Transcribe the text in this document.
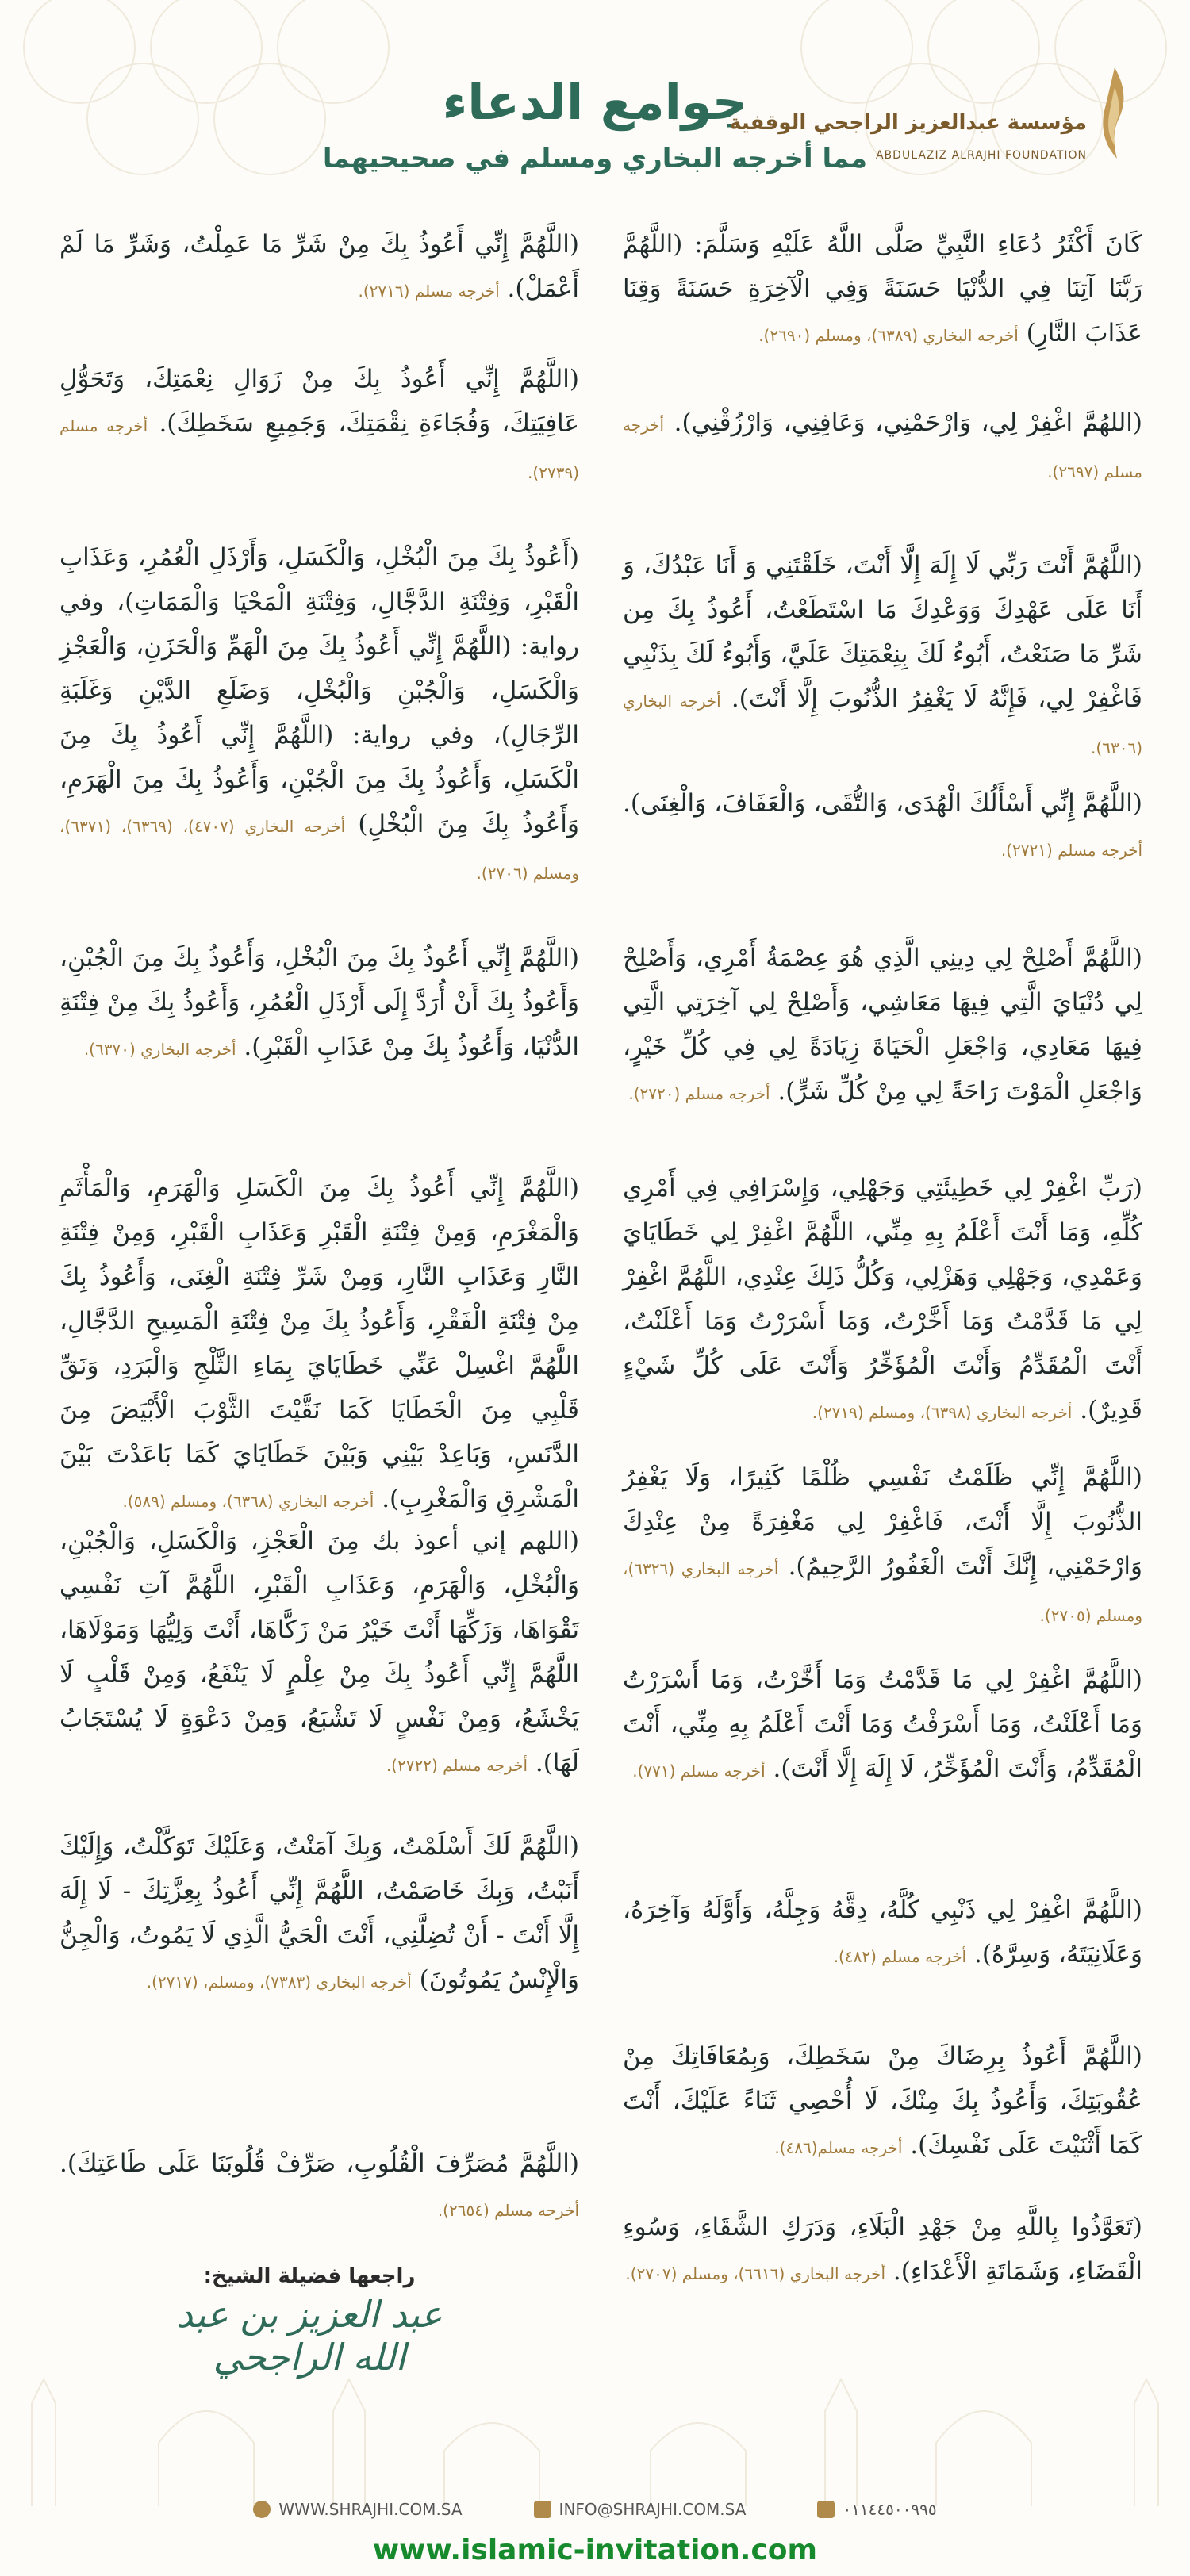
مؤسسة عبدالعزيز الراجحي الوقفية
ABDULAZIZ ALRAJHI FOUNDATION
جوامع الدعاء
مما أخرجه البخاري ومسلم في صحيحيهما
كَانَ أَكْثَرُ دُعَاءِ النَّبِيِّ صَلَّى اللَّهُ عَلَيْهِ وَسَلَّمَ: (اللَّهُمَّ رَبَّنَا آتِنَا فِي الدُّنْيَا حَسَنَةً وَفِي الْآخِرَةِ حَسَنَةً وَقِنَا عَذَابَ النَّارِ) أخرجه البخاري (٦٣٨٩)، ومسلم (٢٦٩٠).
(اللهُمَّ اغْفِرْ لِي، وَارْحَمْنِي، وَعَافِنِي، وَارْزُقْنِي). أخرجه مسلم (٢٦٩٧).
(اللَّهُمَّ أَنْتَ رَبِّي لَا إِلَهَ إِلَّا أَنْتَ، خَلَقْتَنِي وَ أَنَا عَبْدُكَ، وَ أَنَا عَلَى عَهْدِكَ وَوَعْدِكَ مَا اسْتَطَعْتُ، أَعُوذُ بِكَ مِن شَرِّ مَا صَنَعْتُ، أَبُوءُ لَكَ بِنِعْمَتِكَ عَلَيَّ، وَأَبُوءُ لَكَ بِذَنْبِي فَاغْفِرْ لِي، فَإِنَّهُ لَا يَغْفِرُ الذُّنُوبَ إِلَّا أَنْتَ). أخرجه البخاري (٦٣٠٦).
(اللَّهُمَّ إِنِّي أَسْأَلُكَ الْهُدَى، وَالتُّقَى، وَالْعَفَافَ، وَالْغِنَى). أخرجه مسلم (٢٧٢١).
(اللَّهُمَّ أَصْلِحْ لِي دِينِي الَّذِي هُوَ عِصْمَةُ أَمْرِي، وَأَصْلِحْ لِي دُنْيَايَ الَّتِي فِيهَا مَعَاشِي، وَأَصْلِحْ لِي آخِرَتِي الَّتِي فِيهَا مَعَادِي، وَاجْعَلِ الْحَيَاةَ زِيَادَةً لِي فِي كُلِّ خَيْرٍ، وَاجْعَلِ الْمَوْتَ رَاحَةً لِي مِنْ كُلِّ شَرٍّ). أخرجه مسلم (٢٧٢٠).
(رَبِّ اغْفِرْ لِي خَطِيئَتِي وَجَهْلِي، وَإِسْرَافِي فِي أَمْرِي كُلِّهِ، وَمَا أَنْتَ أَعْلَمُ بِهِ مِنِّي، اللَّهُمَّ اغْفِرْ لِي خَطَايَايَ وَعَمْدِي، وَجَهْلِي وَهَزْلِي، وَكُلُّ ذَلِكَ عِنْدِي، اللَّهُمَّ اغْفِرْ لِي مَا قَدَّمْتُ وَمَا أَخَّرْتُ، وَمَا أَسْرَرْتُ وَمَا أَعْلَنْتُ، أَنْتَ الْمُقَدِّمُ وَأَنْتَ الْمُؤَخِّرُ وَأَنْتَ عَلَى كُلِّ شَيْءٍ قَدِيرٌ). أخرجه البخاري (٦٣٩٨)، ومسلم (٢٧١٩).
(اللَّهُمَّ إِنِّي ظَلَمْتُ نَفْسِي ظُلْمًا كَثِيرًا، وَلَا يَغْفِرُ الذُّنُوبَ إِلَّا أَنْتَ، فَاغْفِرْ لِي مَغْفِرَةً مِنْ عِنْدِكَ وَارْحَمْنِي، إِنَّكَ أَنْتَ الْغَفُورُ الرَّحِيمُ). أخرجه البخاري (٦٣٢٦)، ومسلم (٢٧٠٥).
(اللَّهُمَّ اغْفِرْ لِي مَا قَدَّمْتُ وَمَا أَخَّرْتُ، وَمَا أَسْرَرْتُ وَمَا أَعْلَنْتُ، وَمَا أَسْرَفْتُ وَمَا أَنْتَ أَعْلَمُ بِهِ مِنِّي، أَنْتَ الْمُقَدِّمُ، وَأَنْتَ الْمُؤَخِّرُ، لَا إِلَهَ إِلَّا أَنْتَ). أخرجه مسلم (٧٧١).
(اللَّهُمَّ اغْفِرْ لِي ذَنْبِي كُلَّهُ، دِقَّهُ وَجِلَّهُ، وَأَوَّلَهُ وَآخِرَهُ، وَعَلَانِيَتَهُ، وَسِرَّهُ). أخرجه مسلم (٤٨٢).
(اللَّهُمَّ أَعُوذُ بِرِضَاكَ مِنْ سَخَطِكَ، وَبِمُعَافَاتِكَ مِنْ عُقُوبَتِكَ، وَأَعُوذُ بِكَ مِنْكَ، لَا أُحْصِي ثَنَاءً عَلَيْكَ، أَنْتَ كَمَا أَثْنَيْتَ عَلَى نَفْسِكَ). أخرجه مسلم(٤٨٦).
(تَعَوَّذُوا بِاللَّهِ مِنْ جَهْدِ الْبَلَاءِ، وَدَرَكِ الشَّقَاءِ، وَسُوءِ الْقَضَاءِ، وَشَمَاتَةِ الْأَعْدَاءِ). أخرجه البخاري (٦٦١٦)، ومسلم (٢٧٠٧).
(اللَّهُمَّ إِنِّي أَعُوذُ بِكَ مِنْ شَرِّ مَا عَمِلْتُ، وَشَرِّ مَا لَمْ أَعْمَلْ). أخرجه مسلم (٢٧١٦).
(اللَّهُمَّ إِنِّي أَعُوذُ بِكَ مِنْ زَوَالِ نِعْمَتِكَ، وَتَحَوُّلِ عَافِيَتِكَ، وَفُجَاءَةِ نِقْمَتِكَ، وَجَمِيعِ سَخَطِكَ). أخرجه مسلم (٢٧٣٩).
(أَعُوذُ بِكَ مِنَ الْبُخْلِ، وَالْكَسَلِ، وَأَرْذَلِ الْعُمُرِ، وَعَذَابِ الْقَبْرِ، وَفِتْنَةِ الدَّجَّالِ، وَفِتْنَةِ الْمَحْيَا وَالْمَمَاتِ)، وفي رواية: (اللَّهُمَّ إِنِّي أَعُوذُ بِكَ مِنَ الْهَمِّ وَالْحَزَنِ، وَالْعَجْزِ وَالْكَسَلِ، وَالْجُبْنِ وَالْبُخْلِ، وَضَلَعِ الدَّيْنِ وَغَلَبَةِ الرِّجَالِ)، وفي رواية: (اللَّهُمَّ إِنِّي أَعُوذُ بِكَ مِنَ الْكَسَلِ، وَأَعُوذُ بِكَ مِنَ الْجُبْنِ، وَأَعُوذُ بِكَ مِنَ الْهَرَمِ، وَأَعُوذُ بِكَ مِنَ الْبُخْلِ) أخرجه البخاري (٤٧٠٧)، (٦٣٦٩)، (٦٣٧١)، ومسلم (٢٧٠٦).
(اللَّهُمَّ إِنِّي أَعُوذُ بِكَ مِنَ الْبُخْلِ، وَأَعُوذُ بِكَ مِنَ الْجُبْنِ، وَأَعُوذُ بِكَ أَنْ أُرَدَّ إِلَى أَرْذَلِ الْعُمُرِ، وَأَعُوذُ بِكَ مِنْ فِتْنَةِ الدُّنْيَا، وَأَعُوذُ بِكَ مِنْ عَذَابِ الْقَبْرِ). أخرجه البخاري (٦٣٧٠).
(اللَّهُمَّ إِنِّي أَعُوذُ بِكَ مِنَ الْكَسَلِ وَالْهَرَمِ، وَالْمَأْثَمِ وَالْمَغْرَمِ، وَمِنْ فِتْنَةِ الْقَبْرِ وَعَذَابِ الْقَبْرِ، وَمِنْ فِتْنَةِ النَّارِ وَعَذَابِ النَّارِ، وَمِنْ شَرِّ فِتْنَةِ الْغِنَى، وَأَعُوذُ بِكَ مِنْ فِتْنَةِ الْفَقْرِ، وَأَعُوذُ بِكَ مِنْ فِتْنَةِ الْمَسِيحِ الدَّجَّالِ، اللَّهُمَّ اغْسِلْ عَنِّي خَطَايَايَ بِمَاءِ الثَّلْجِ وَالْبَرَدِ، وَنَقِّ قَلْبِي مِنَ الْخَطَايَا كَمَا نَقَّيْتَ الثَّوْبَ الْأَبْيَضَ مِنَ الدَّنَسِ، وَبَاعِدْ بَيْنِي وَبَيْنَ خَطَايَايَ كَمَا بَاعَدْتَ بَيْنَ الْمَشْرِقِ وَالْمَغْرِبِ). أخرجه البخاري (٦٣٦٨)، ومسلم (٥٨٩).
(اللهم إني أعوذ بك مِنَ الْعَجْزِ، وَالْكَسَلِ، وَالْجُبْنِ، وَالْبُخْلِ، وَالْهَرَمِ، وَعَذَابِ الْقَبْرِ، اللَّهُمَّ آتِ نَفْسِي تَقْوَاهَا، وَزَكِّهَا أَنْتَ خَيْرُ مَنْ زَكَّاهَا، أَنْتَ وَلِيُّهَا وَمَوْلَاهَا، اللَّهُمَّ إِنِّي أَعُوذُ بِكَ مِنْ عِلْمٍ لَا يَنْفَعُ، وَمِنْ قَلْبٍ لَا يَخْشَعُ، وَمِنْ نَفْسٍ لَا تَشْبَعُ، وَمِنْ دَعْوَةٍ لَا يُسْتَجَابُ لَهَا). أخرجه مسلم (٢٧٢٢).
(اللَّهُمَّ لَكَ أَسْلَمْتُ، وَبِكَ آمَنْتُ، وَعَلَيْكَ تَوَكَّلْتُ، وَإِلَيْكَ أَنَبْتُ، وَبِكَ خَاصَمْتُ، اللَّهُمَّ إِنِّي أَعُوذُ بِعِزَّتِكَ - لَا إِلَهَ إِلَّا أَنْتَ - أَنْ تُضِلَّنِي، أَنْتَ الْحَيُّ الَّذِي لَا يَمُوتُ، وَالْجِنُّ وَالْإِنْسُ يَمُوتُونَ) أخرجه البخاري (٧٣٨٣)، ومسلم، (٢٧١٧).
(اللَّهُمَّ مُصَرِّفَ الْقُلُوبِ، صَرِّفْ قُلُوبَنَا عَلَى طَاعَتِكَ). أخرجه مسلم (٢٦٥٤).
راجعها فضيلة الشيخ:
عبد العزيز بن عبد الله الراجحي
WWW.SHRAJHI.COM.SA	INFO@SHRAJHI.COM.SA	٠١١٤٤٥٠٠٩٩٥
www.islamic-invitation.com
